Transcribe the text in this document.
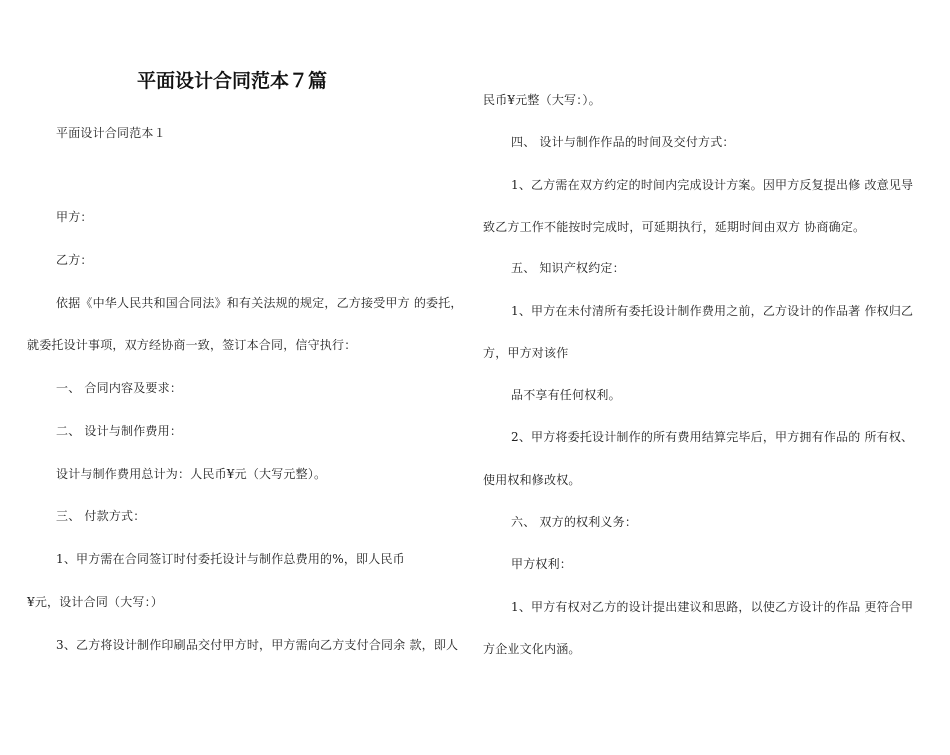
平面设计合同范本７篇
平面设计合同范本１
甲方：
乙方：
依据《中华人民共和国合同法》和有关法规的规定，乙方接受甲方 的委托，
就委托设计事项，双方经协商一致，签订本合同，信守执行：
一、 合同内容及要求：
二、 设计与制作费用：
设计与制作费用总计为：人民币¥元（大写元整）。
三、 付款方式：
1、甲方需在合同签订时付委托设计与制作总费用的%，即人民币
¥元，设计合同（大写：）
3、乙方将设计制作印刷品交付甲方时，甲方需向乙方支付合同余 款，即人
民币¥元整（大写：）。
四、 设计与制作作品的时间及交付方式：
1、乙方需在双方约定的时间内完成设计方案。因甲方反复提出修 改意见导
致乙方工作不能按时完成时，可延期执行，延期时间由双方 协商确定。
五、 知识产权约定：
1、甲方在未付清所有委托设计制作费用之前，乙方设计的作品著 作权归乙
方，甲方对该作
品不享有任何权利。
2、甲方将委托设计制作的所有费用结算完毕后，甲方拥有作品的 所有权、
使用权和修改权。
六、 双方的权利义务：
甲方权利：
1、甲方有权对乙方的设计提出建议和思路，以使乙方设计的作品 更符合甲
方企业文化内涵。
